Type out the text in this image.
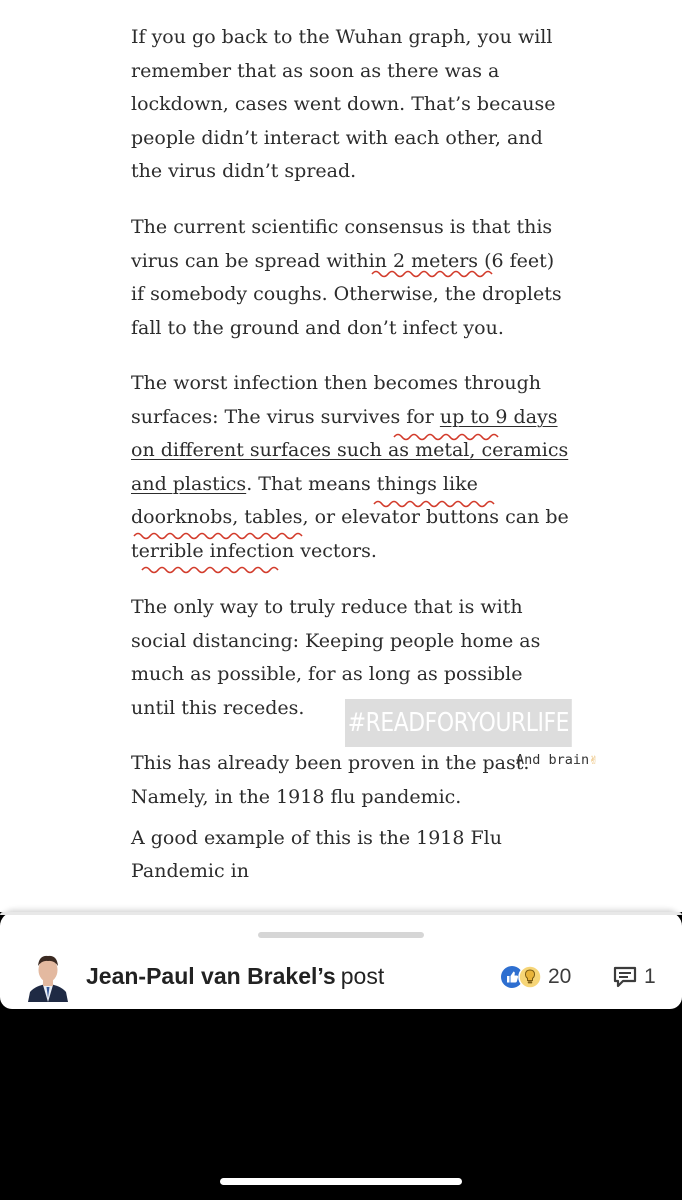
If you go back to the Wuhan graph, you will remember that as soon as there was a lockdown, cases went down. That’s because people didn’t interact with each other, and the virus didn’t spread.

The current scientific consensus is that this virus can be spread within 2 meters (6 feet) if somebody coughs. Otherwise, the droplets fall to the ground and don’t infect you.

The worst infection then becomes through surfaces: The virus survives for up to 9 days on different surfaces such as metal, ceramics and plastics. That means things like doorknobs, tables, or elevator buttons can be terrible infection vectors.

The only way to truly reduce that is with social distancing: Keeping people home as much as possible, for as long as possible until this recedes.

This has already been proven in the past. Namely, in the 1918 flu pandemic.

A good example of this is the 1918 Flu Pandemic in
#READFORYOURLIFE
And brain✌
Jean-Paul van Brakel’s post	20	1
